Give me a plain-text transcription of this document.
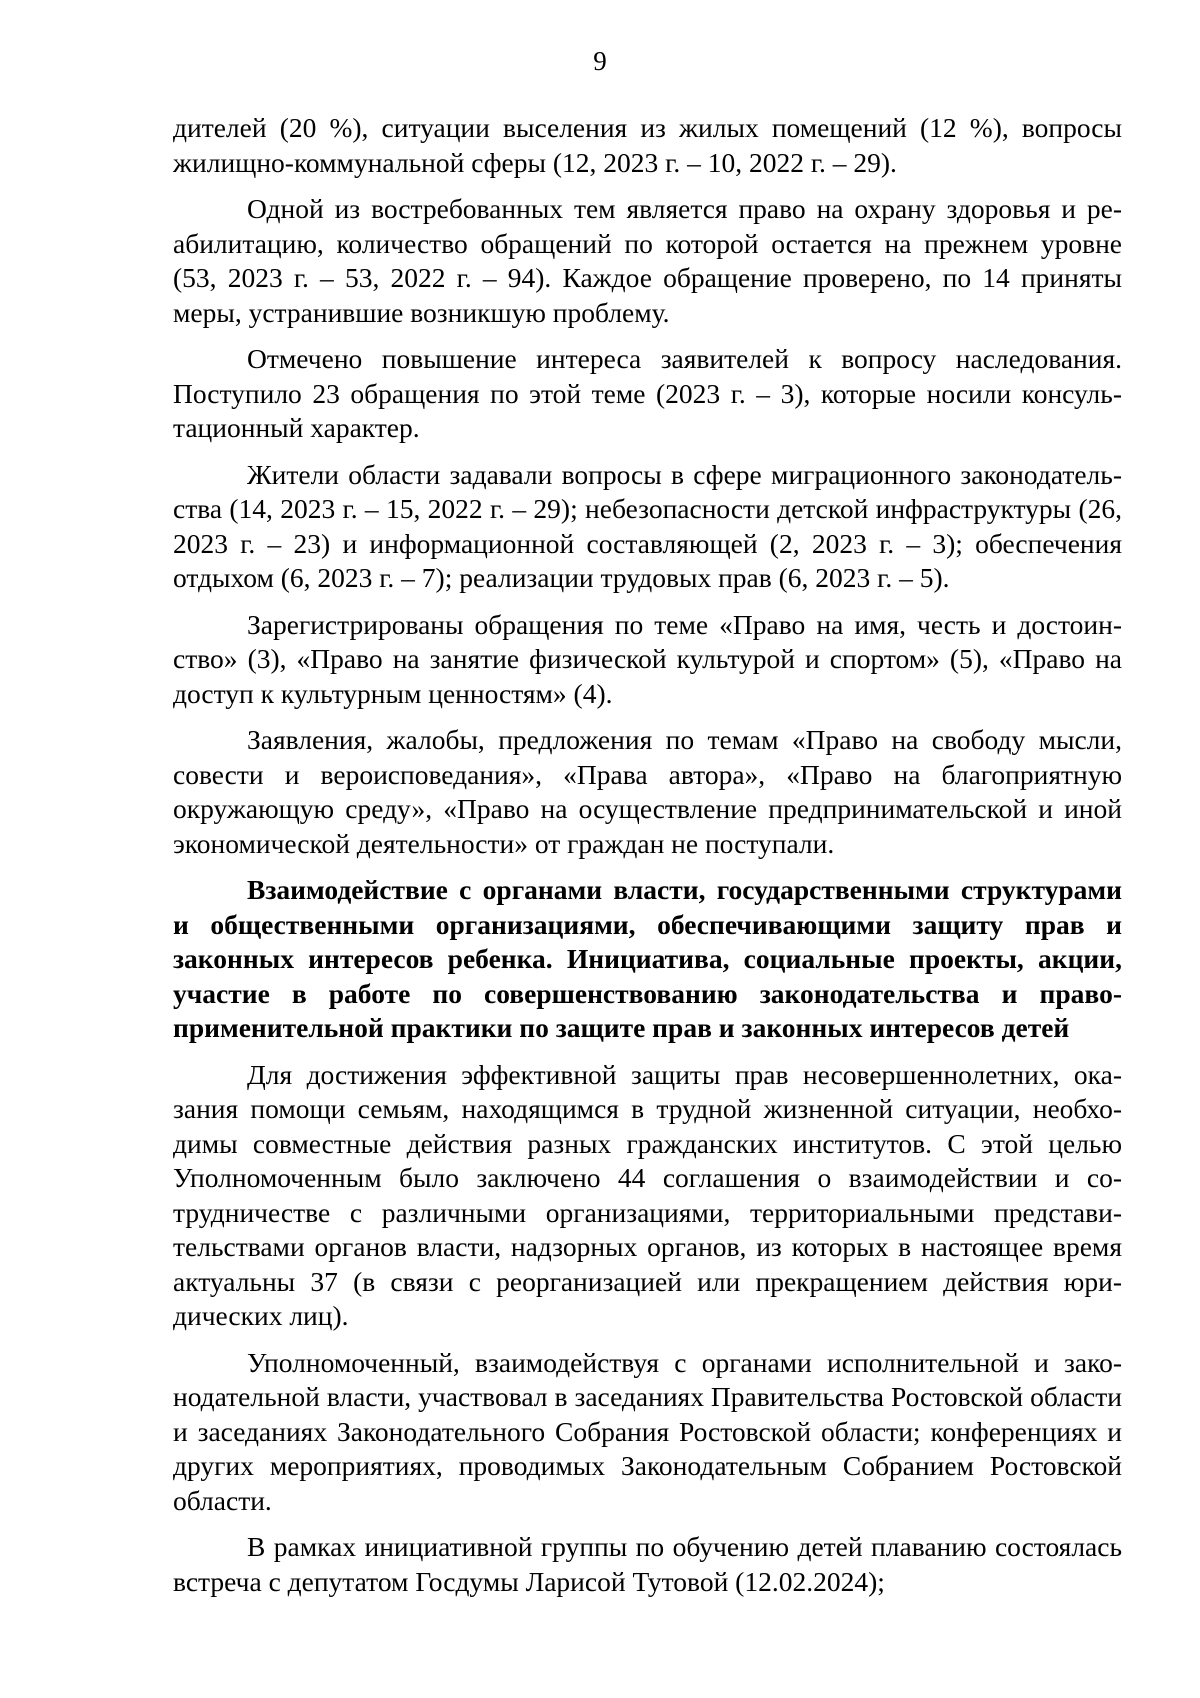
9

дителей (20 %), ситуации выселения из жилых помещений (12 %), вопросы жилищно-коммунальной сферы (12, 2023 г. – 10, 2022 г. – 29).

Одной из востребованных тем является право на охрану здоровья и реабилитацию, количество обращений по которой остается на прежнем уровне (53, 2023 г. – 53, 2022 г. – 94). Каждое обращение проверено, по 14 приняты меры, устранившие возникшую проблему.

Отмечено повышение интереса заявителей к вопросу наследования. Поступило 23 обращения по этой теме (2023 г. – 3), которые носили консультационный характер.

Жители области задавали вопросы в сфере миграционного законодательства (14, 2023 г. – 15, 2022 г. – 29); небезопасности детской инфраструктуры (26, 2023 г. – 23) и информационной составляющей (2, 2023 г. – 3); обеспечения отдыхом (6, 2023 г. – 7); реализации трудовых прав (6, 2023 г. – 5).

Зарегистрированы обращения по теме «Право на имя, честь и достоинство» (3), «Право на занятие физической культурой и спортом» (5), «Право на доступ к культурным ценностям» (4).

Заявления, жалобы, предложения по темам «Право на свободу мысли, совести и вероисповедания», «Права автора», «Право на благоприятную окружающую среду», «Право на осуществление предпринимательской и иной экономической деятельности» от граждан не поступали.

Взаимодействие с органами власти, государственными структурами и общественными организациями, обеспечивающими защиту прав и законных интересов ребенка. Инициатива, социальные проекты, акции, участие в работе по совершенствованию законодательства и правоприменительной практики по защите прав и законных интересов детей

Для достижения эффективной защиты прав несовершеннолетних, оказания помощи семьям, находящимся в трудной жизненной ситуации, необходимы совместные действия разных гражданских институтов. С этой целью Уполномоченным было заключено 44 соглашения о взаимодействии и сотрудничестве с различными организациями, территориальными представительствами органов власти, надзорных органов, из которых в настоящее время актуальны 37 (в связи с реорганизацией или прекращением действия юридических лиц).

Уполномоченный, взаимодействуя с органами исполнительной и законодательной власти, участвовал в заседаниях Правительства Ростовской области и заседаниях Законодательного Собрания Ростовской области; конференциях и других мероприятиях, проводимых Законодательным Собранием Ростовской области.

В рамках инициативной группы по обучению детей плаванию состоялась встреча с депутатом Госдумы Ларисой Тутовой (12.02.2024);
